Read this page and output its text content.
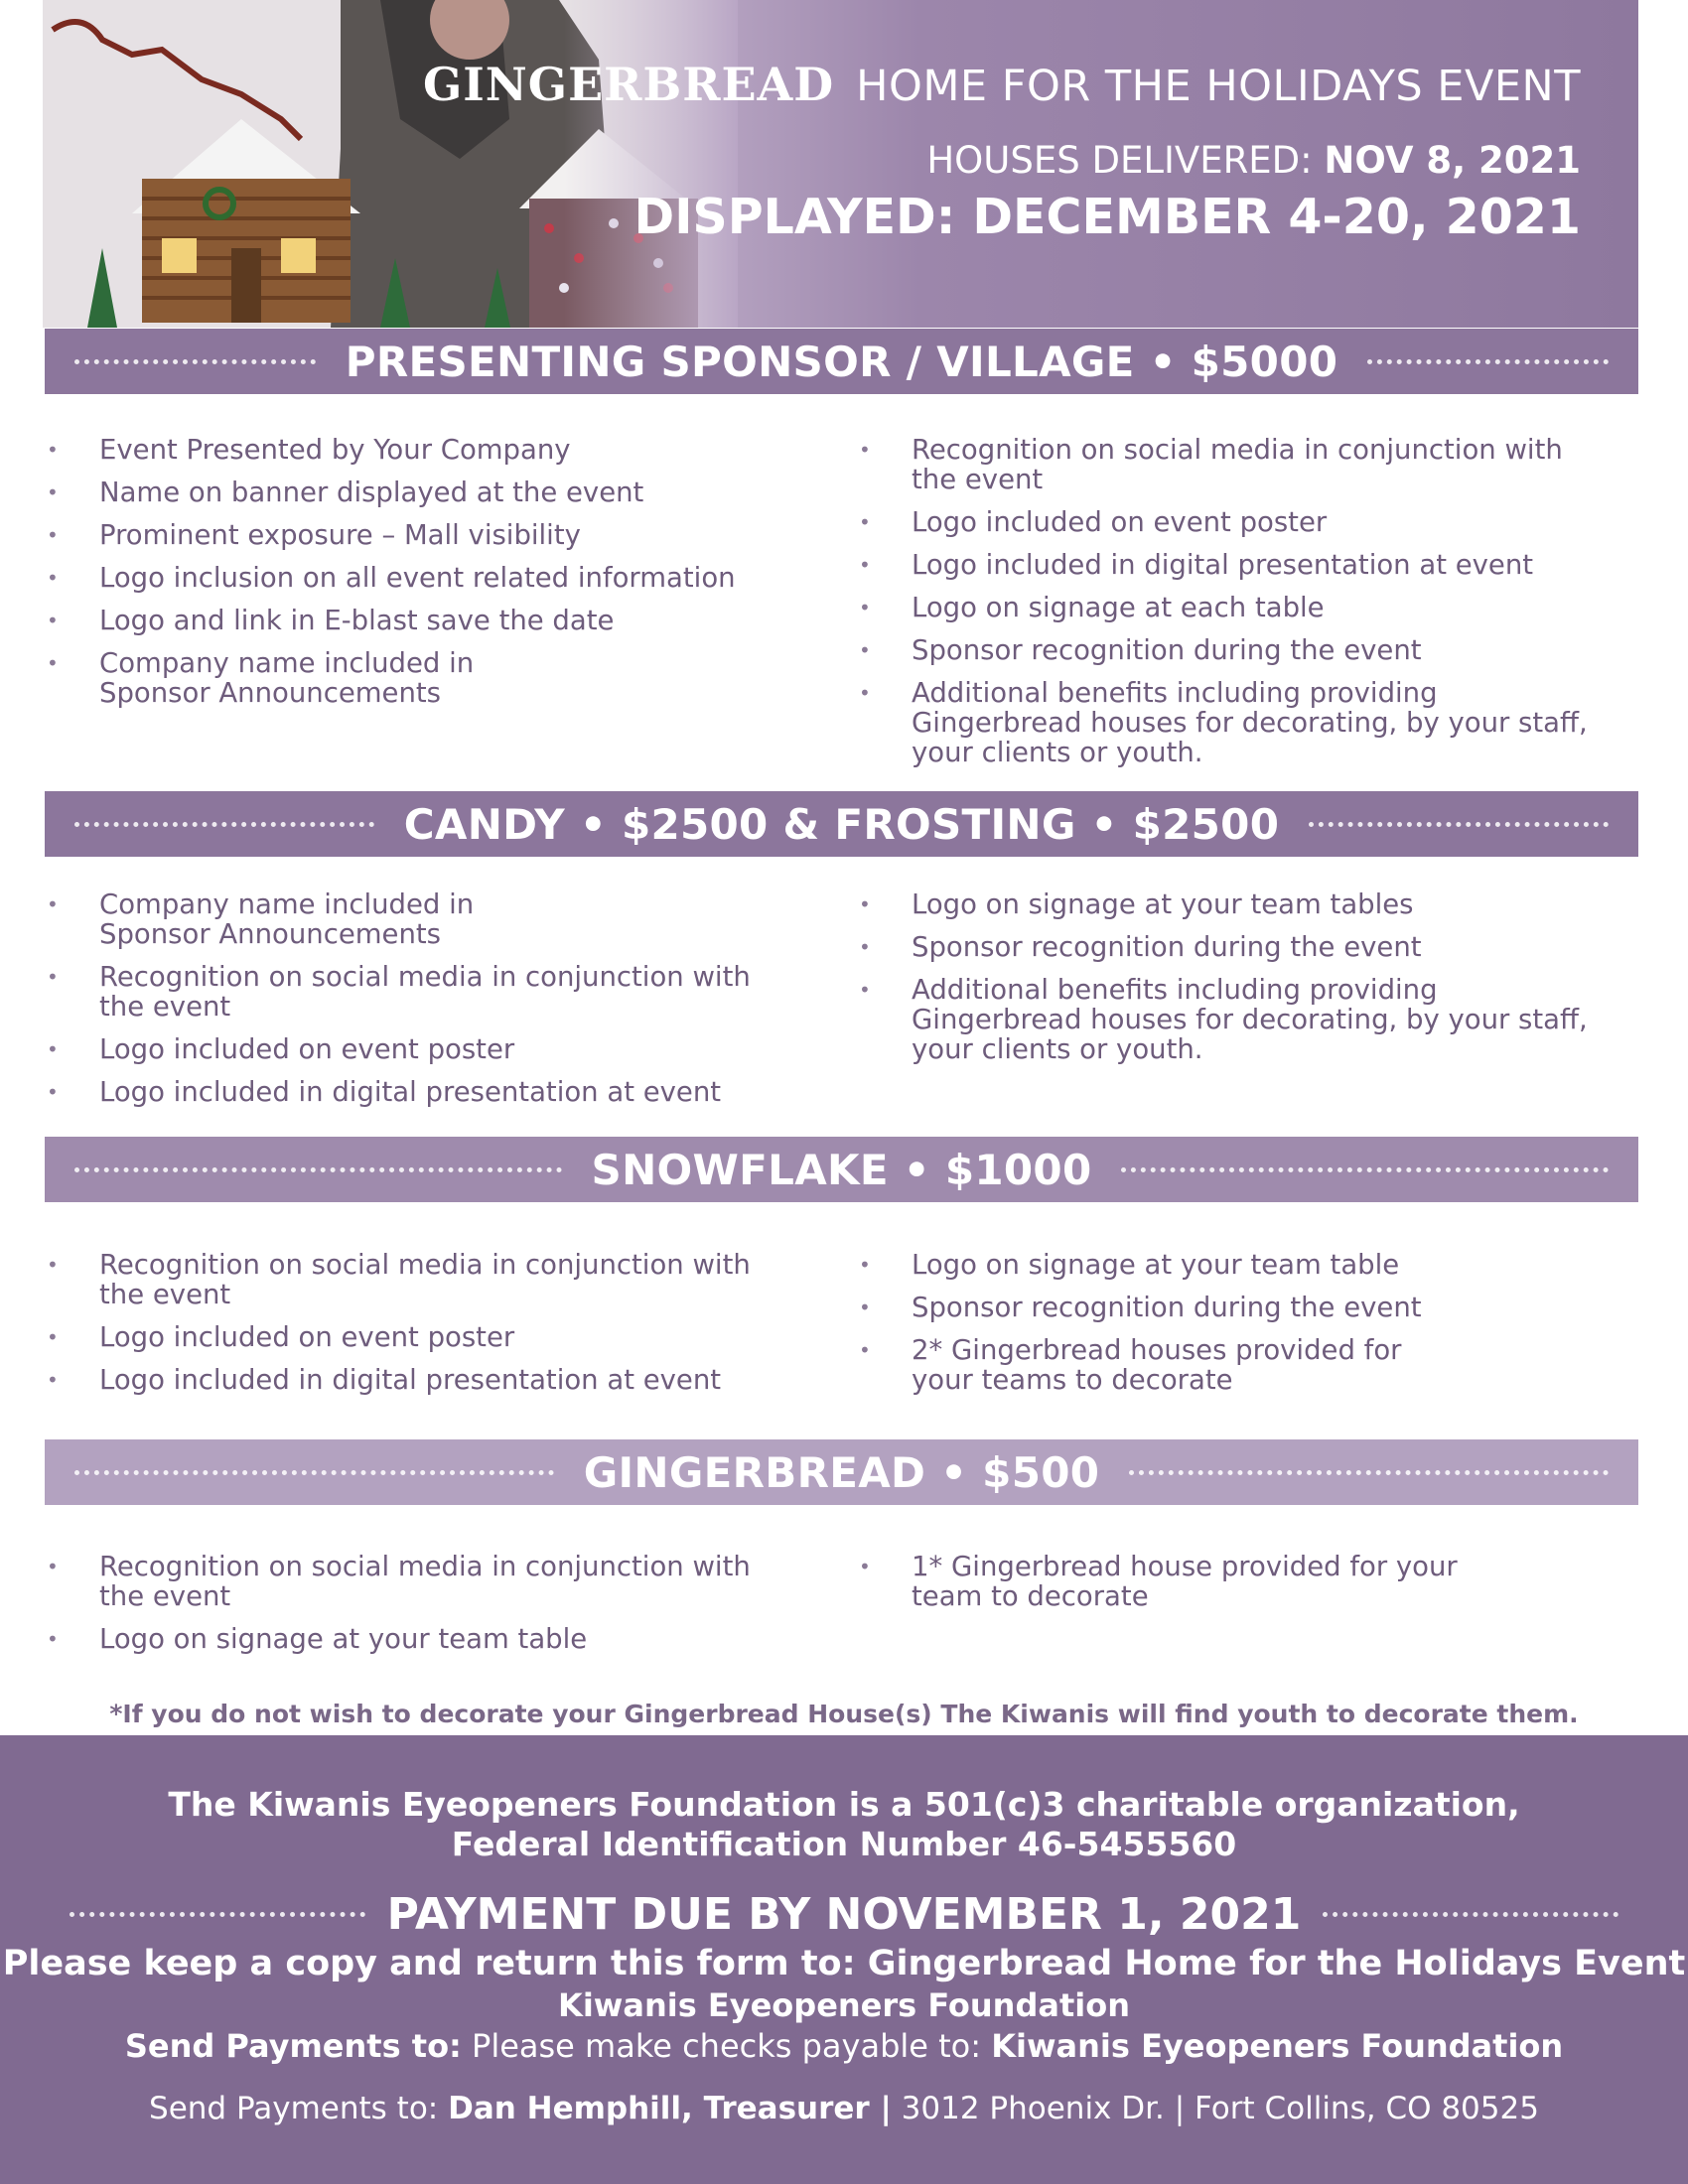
GINGERBREAD HOME FOR THE HOLIDAYS EVENT
HOUSES DELIVERED: NOV 8, 2021
DISPLAYED: DECEMBER 4-20, 2021
PRESENTING SPONSOR / VILLAGE • $5000
• Event Presented by Your Company
• Name on banner displayed at the event
• Prominent exposure – Mall visibility
• Logo inclusion on all event related information
• Logo and link in E-blast save the date
• Company name included in Sponsor Announcements
• Recognition on social media in conjunction with the event
• Logo included on event poster
• Logo included in digital presentation at event
• Logo on signage at each table
• Sponsor recognition during the event
• Additional benefits including providing Gingerbread houses for decorating, by your staff, your clients or youth.
CANDY • $2500 & FROSTING • $2500
• Company name included in Sponsor Announcements
• Recognition on social media in conjunction with the event
• Logo included on event poster
• Logo included in digital presentation at event
• Logo on signage at your team tables
• Sponsor recognition during the event
• Additional benefits including providing Gingerbread houses for decorating, by your staff, your clients or youth.
SNOWFLAKE • $1000
• Recognition on social media in conjunction with the event
• Logo included on event poster
• Logo included in digital presentation at event
• Logo on signage at your team table
• Sponsor recognition during the event
• 2* Gingerbread houses provided for your teams to decorate
GINGERBREAD • $500
• Recognition on social media in conjunction with the event
• Logo on signage at your team table
• 1* Gingerbread house provided for your team to decorate
*If you do not wish to decorate your Gingerbread House(s) The Kiwanis will find youth to decorate them.
The Kiwanis Eyeopeners Foundation is a 501(c)3 charitable organization,
Federal Identification Number 46-5455560
PAYMENT DUE BY NOVEMBER 1, 2021
Please keep a copy and return this form to: Gingerbread Home for the Holidays Event
Kiwanis Eyeopeners Foundation
Send Payments to: Please make checks payable to: Kiwanis Eyeopeners Foundation
Send Payments to: Dan Hemphill, Treasurer | 3012 Phoenix Dr. | Fort Collins, CO 80525
